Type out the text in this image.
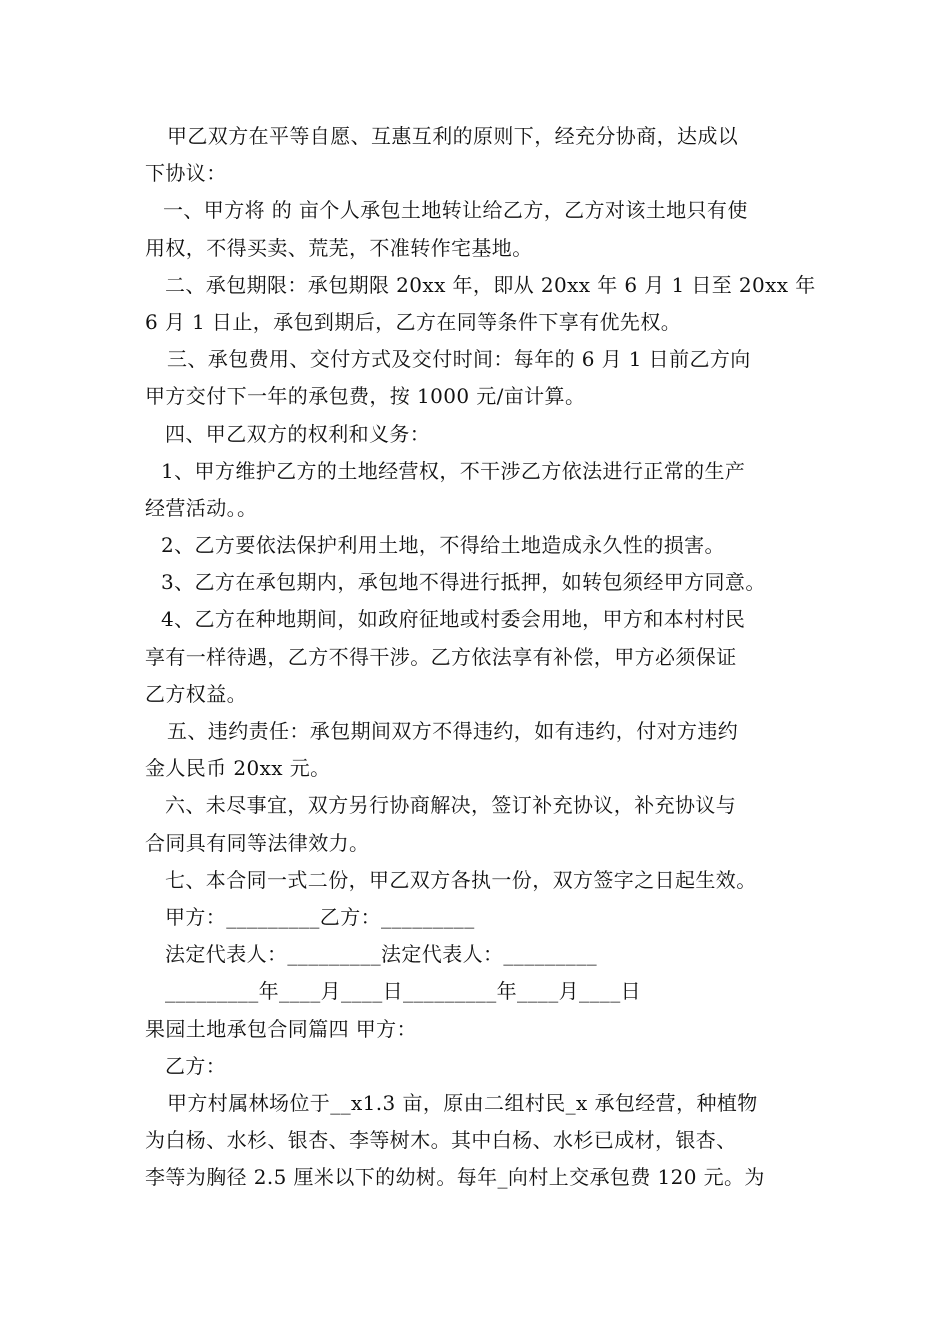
甲乙双方在平等自愿、互惠互利的原则下，经充分协商，达成以
下协议：
一、甲方将 的 亩个人承包土地转让给乙方，乙方对该土地只有使
用权，不得买卖、荒芜，不准转作宅基地。
二、承包期限：承包期限 20xx 年，即从 20xx 年 6 月 1 日至 20xx 年
6 月 1 日止，承包到期后，乙方在同等条件下享有优先权。
三、承包费用、交付方式及交付时间：每年的 6 月 1 日前乙方向
甲方交付下一年的承包费，按 1000 元/亩计算。
四、甲乙双方的权利和义务：
1、甲方维护乙方的土地经营权，不干涉乙方依法进行正常的生产
经营活动。。
2、乙方要依法保护利用土地，不得给土地造成永久性的损害。
3、乙方在承包期内，承包地不得进行抵押，如转包须经甲方同意。
4、乙方在种地期间，如政府征地或村委会用地，甲方和本村村民
享有一样待遇，乙方不得干涉。乙方依法享有补偿，甲方必须保证
乙方权益。
五、违约责任：承包期间双方不得违约，如有违约，付对方违约
金人民币 20xx 元。
六、未尽事宜，双方另行协商解决，签订补充协议，补充协议与
合同具有同等法律效力。
七、本合同一式二份，甲乙双方各执一份，双方签字之日起生效。
甲方：_________乙方：_________
法定代表人：_________法定代表人：_________
_________年____月____日_________年____月____日
果园土地承包合同篇四 甲方：
乙方：
甲方村属林场位于__x1.3 亩，原由二组村民_x 承包经营，种植物
为白杨、水杉、银杏、李等树木。其中白杨、水杉已成材，银杏、
李等为胸径 2.5 厘米以下的幼树。每年_向村上交承包费 120 元。为
